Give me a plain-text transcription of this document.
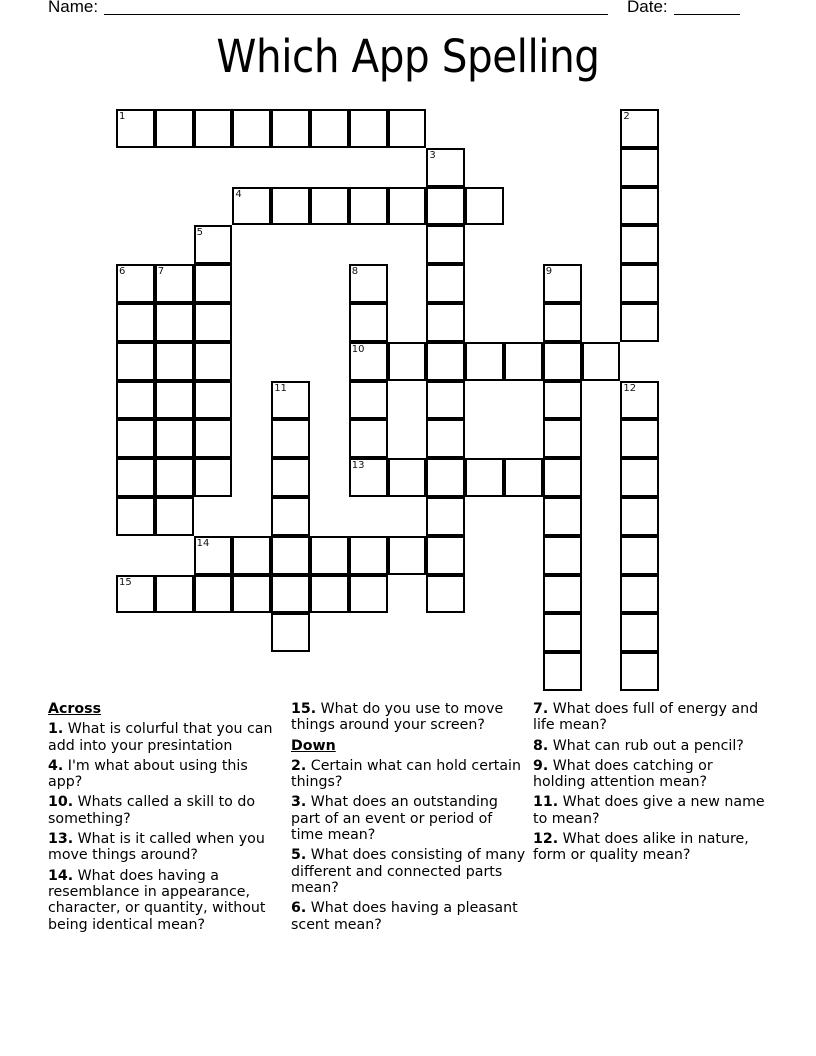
Name:	Date:
Which App Spelling
1	2
3
4
5
6	7	8
10
13
9
11	12
14
15
Across
1. What is colurful that you can add into your presintation
4. I'm what about using this app?
10. Whats called a skill to do something?
13. What is it called when you move things around?
14. What does having a resemblance in appearance, character, or quantity, without being identical mean?
15. What do you use to move things around your screen?
Down
2. Certain what can hold certain things?
3. What does an outstanding part of an event or period of time mean?
5. What does consisting of many different and connected parts mean?
6. What does having a pleasant scent mean?
7. What does full of energy and life mean?
8. What can rub out a pencil?
9. What does catching or holding attention mean?
11. What does give a new name to mean?
12. What does alike in nature, form or quality mean?
